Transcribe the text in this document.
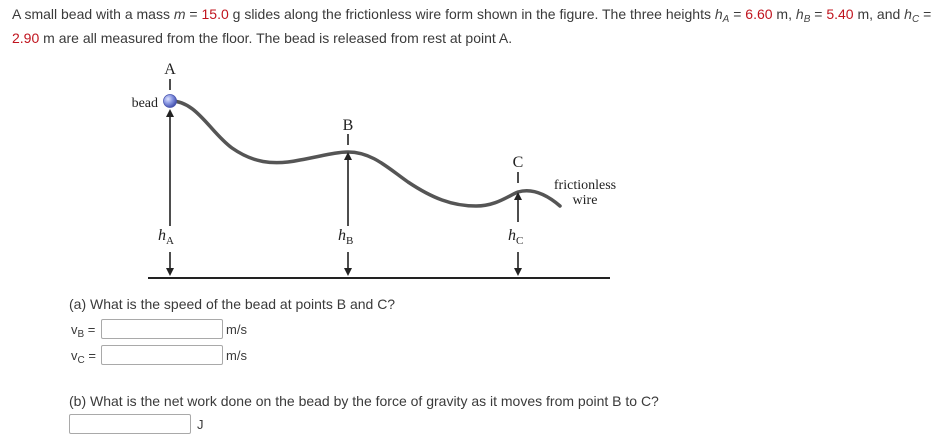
A small bead with a mass m = 15.0 g slides along the frictionless wire form shown in the figure. The three heights $h_A = 6.60$ m, $h_B = 5.40$ m, and $h_C = 2.90$ m are all measured from the floor. The bead is released from rest at point A.
A
B
C
bead
frictionless
wire
$h_A$	$h_B$	$h_C$
(a) What is the speed of the bead at points B and C?
$v_B$ =	m/s
$v_C$ =	m/s
(b) What is the net work done on the bead by the force of gravity as it moves from point B to C?
J
